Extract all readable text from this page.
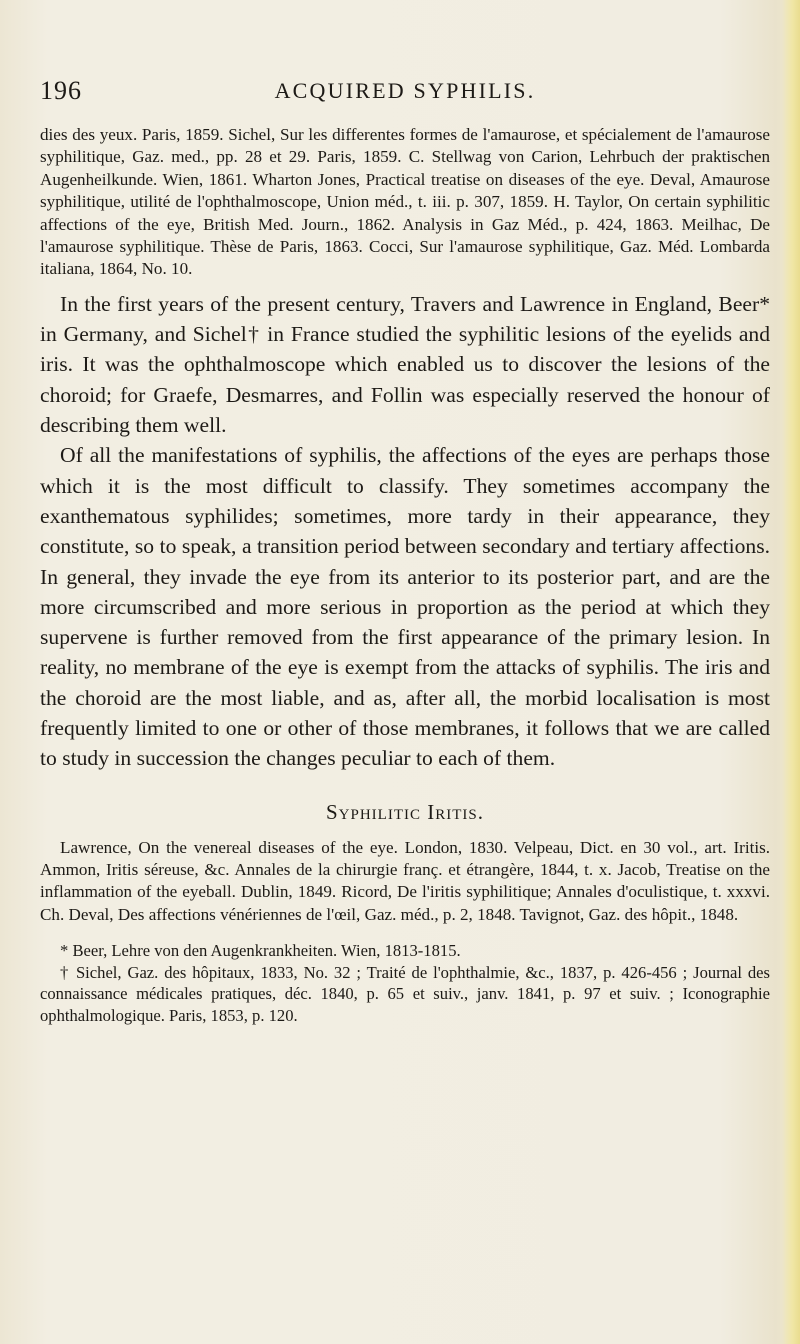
196	ACQUIRED SYPHILIS.

dies des yeux. Paris, 1859. Sichel, Sur les differentes formes de l'amaurose, et spécialement de l'amaurose syphilitique, Gaz. med., pp. 28 et 29. Paris, 1859. C. Stellwag von Carion, Lehrbuch der praktischen Augenheilkunde. Wien, 1861. Wharton Jones, Practical treatise on diseases of the eye. Deval, Amaurose syphilitique, utilité de l'ophthalmoscope, Union méd., t. iii. p. 307, 1859. H. Taylor, On certain syphilitic affections of the eye, British Med. Journ., 1862. Analysis in Gaz Méd., p. 424, 1863. Meilhac, De l'amaurose syphilitique. Thèse de Paris, 1863. Cocci, Sur l'amaurose syphilitique, Gaz. Méd. Lombarda italiana, 1864, No. 10.

In the first years of the present century, Travers and Lawrence in England, Beer* in Germany, and Sichel† in France studied the syphilitic lesions of the eyelids and iris. It was the ophthalmoscope which enabled us to discover the lesions of the choroid; for Graefe, Desmarres, and Follin was especially reserved the honour of describing them well.

Of all the manifestations of syphilis, the affections of the eyes are perhaps those which it is the most difficult to classify. They sometimes accompany the exanthematous syphilides; sometimes, more tardy in their appearance, they constitute, so to speak, a transition period between secondary and tertiary affections. In general, they invade the eye from its anterior to its posterior part, and are the more circumscribed and more serious in proportion as the period at which they supervene is further removed from the first appearance of the primary lesion. In reality, no membrane of the eye is exempt from the attacks of syphilis. The iris and the choroid are the most liable, and as, after all, the morbid localisation is most frequently limited to one or other of those membranes, it follows that we are called to study in succession the changes peculiar to each of them.

Syphilitic Iritis.

Lawrence, On the venereal diseases of the eye. London, 1830. Velpeau, Dict. en 30 vol., art. Iritis. Ammon, Iritis séreuse, &c. Annales de la chirurgie franç. et étrangère, 1844, t. x. Jacob, Treatise on the inflammation of the eyeball. Dublin, 1849. Ricord, De l'iritis syphilitique; Annales d'oculistique, t. xxxvi. Ch. Deval, Des affections vénériennes de l'œil, Gaz. méd., p. 2, 1848. Tavignot, Gaz. des hôpit., 1848.

* Beer, Lehre von den Augenkrankheiten. Wien, 1813-1815.

† Sichel, Gaz. des hôpitaux, 1833, No. 32 ; Traité de l'ophthalmie, &c., 1837, p. 426-456 ; Journal des connaissance médicales pratiques, déc. 1840, p. 65 et suiv., janv. 1841, p. 97 et suiv. ; Iconographie ophthalmologique. Paris, 1853, p. 120.
